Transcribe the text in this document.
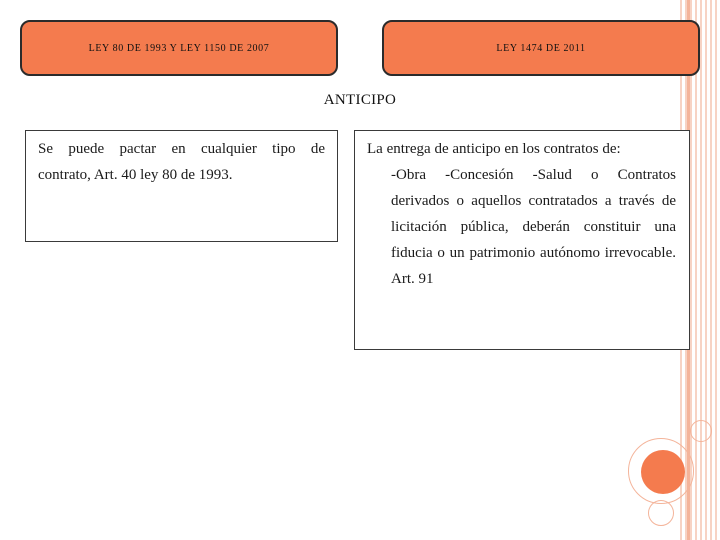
LEY 80 DE 1993 Y LEY 1150 DE 2007	LEY 1474 DE 2011
ANTICIPO

Se puede pactar en cualquier tipo de

contrato, Art. 40 ley 80 de 1993.

La entrega de anticipo en los contratos de:

-Obra -Concesión -Salud o Contratos derivados o aquellos contratados a través de licitación pública, deberán constituir una fiducia o un patrimonio autónomo irrevocable. Art. 91
